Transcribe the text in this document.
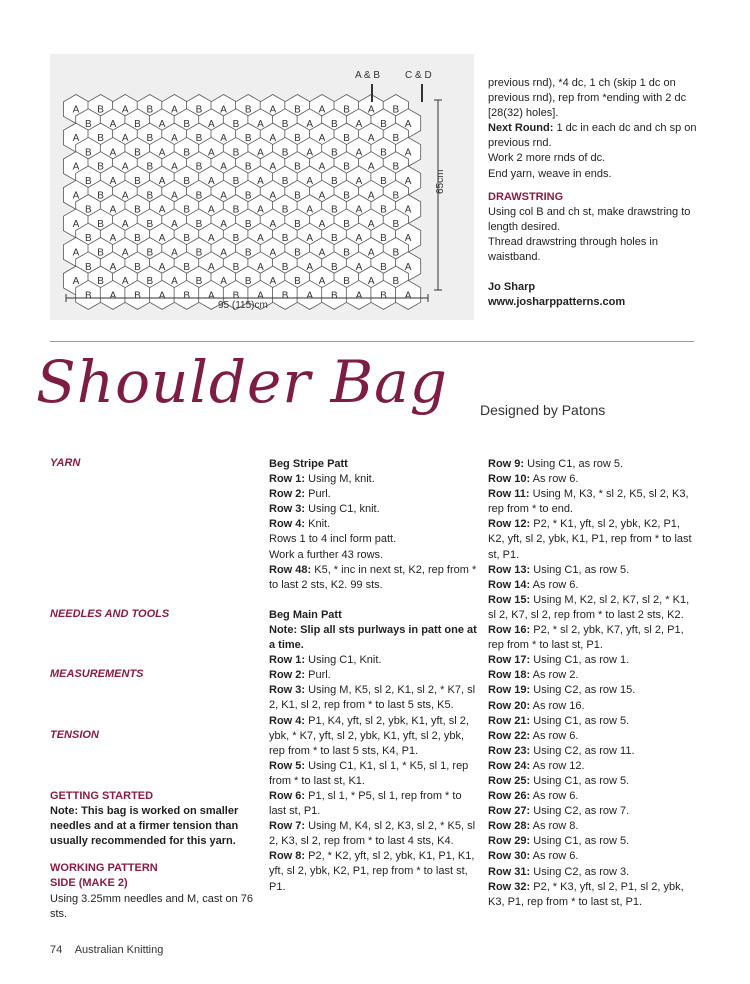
A B A B A B A B A B A B A B
B A B A B A B A B A B A B A
A B A B A B A B A B A B A B
B A B A B A B A B A B A B A
A B A B A B A B A B A B A B
B A B A B A B A B A B A B A
A B A B A B A B A B A B A B
B A B A B A B A B A B A B A
A B A B A B A B A B A B A B
B A B A B A B A B A B A B A
A B A B A B A B A B A B A B
B A B A B A B A B A B A B A
A B A B A B A B A B A B A B
B A B A B A B A B A B A B A
A & B C & D
65cm
95 (115)cm

previous rnd), *4 dc, 1 ch (skip 1 dc on previous rnd), rep from *ending with 2 dc [28(32) holes].

Next Round: 1 dc in each dc and ch sp on previous rnd.

Work 2 more rnds of dc.

End yarn, weave in ends.

DRAWSTRING

Using col B and ch st, make drawstring to length desired.

Thread drawstring through holes in waistband.

Jo Sharp

www.josharppatterns.com

Shoulder Bag Designed by Patons
YARN
NEEDLES AND TOOLS
MEASUREMENTS
TENSION

GETTING STARTED

Note: This bag is worked on smaller needles and at a firmer tension than usually recommended for this yarn.

WORKING PATTERN

SIDE (MAKE 2)

Using 3.25mm needles and M, cast on 76 sts.

Beg Stripe Patt

Row 1: Using M, knit.

Row 2: Purl.

Row 3: Using C1, knit.

Row 4: Knit.

Rows 1 to 4 incl form patt.

Work a further 43 rows.

Row 48: K5, * inc in next st, K2, rep from * to last 2 sts, K2. 99 sts.

Beg Main Patt

Note: Slip all sts purlways in patt one at a time.

Row 1: Using C1, Knit.

Row 2: Purl.

Row 3: Using M, K5, sl 2, K1, sl 2, * K7, sl 2, K1, sl 2, rep from * to last 5 sts, K5.

Row 4: P1, K4, yft, sl 2, ybk, K1, yft, sl 2, ybk, * K7, yft, sl 2, ybk, K1, yft, sl 2, ybk, rep from * to last 5 sts, K4, P1.

Row 5: Using C1, K1, sl 1, * K5, sl 1, rep from * to last st, K1.

Row 6: P1, sl 1, * P5, sl 1, rep from * to last st, P1.

Row 7: Using M, K4, sl 2, K3, sl 2, * K5, sl 2, K3, sl 2, rep from * to last 4 sts, K4.

Row 8: P2, * K2, yft, sl 2, ybk, K1, P1, K1, yft, sl 2, ybk, K2, P1, rep from * to last st, P1.

Row 9: Using C1, as row 5.

Row 10: As row 6.

Row 11: Using M, K3, * sl 2, K5, sl 2, K3, rep from * to end.

Row 12: P2, * K1, yft, sl 2, ybk, K2, P1, K2, yft, sl 2, ybk, K1, P1, rep from * to last st, P1.

Row 13: Using C1, as row 5.

Row 14: As row 6.

Row 15: Using M, K2, sl 2, K7, sl 2, * K1, sl 2, K7, sl 2, rep from * to last 2 sts, K2.

Row 16: P2, * sl 2, ybk, K7, yft, sl 2, P1, rep from * to last st, P1.

Row 17: Using C1, as row 1.

Row 18: As row 2.

Row 19: Using C2, as row 15.

Row 20: As row 16.

Row 21: Using C1, as row 5.

Row 22: As row 6.

Row 23: Using C2, as row 11.

Row 24: As row 12.

Row 25: Using C1, as row 5.

Row 26: As row 6.

Row 27: Using C2, as row 7.

Row 28: As row 8.

Row 29: Using C1, as row 5.

Row 30: As row 6.

Row 31: Using C2, as row 3.

Row 32: P2, * K3, yft, sl 2, P1, sl 2, ybk, K3, P1, rep from * to last st, P1.

74 Australian Knitting
